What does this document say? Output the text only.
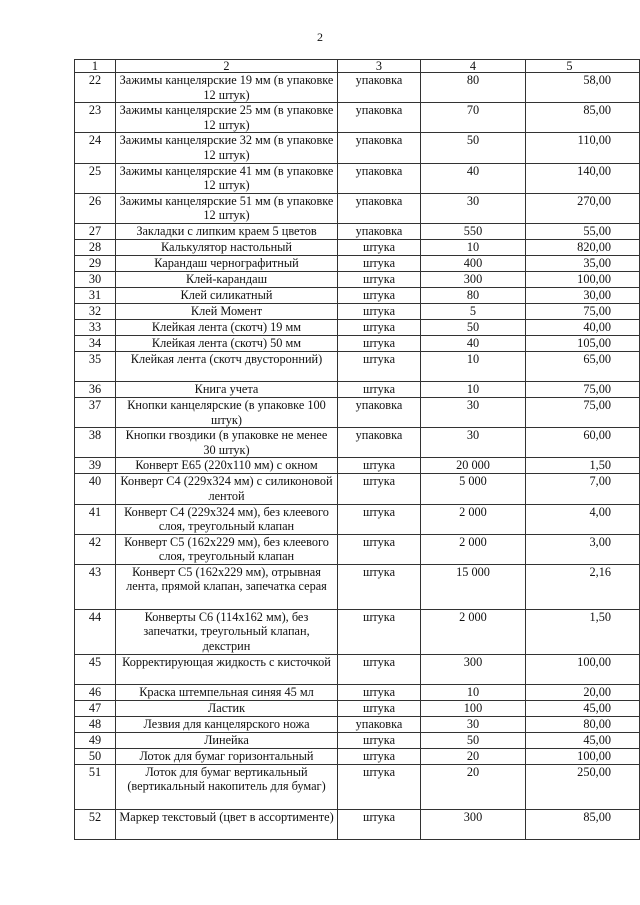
2
1	2	3	4	5
22	Зажимы канцелярские 19 мм (в упаковке 12 штук)	упаковка	80	58,00
23	Зажимы канцелярские 25 мм (в упаковке 12 штук)	упаковка	70	85,00
24	Зажимы канцелярские 32 мм (в упаковке 12 штук)	упаковка	50	110,00
25	Зажимы канцелярские 41 мм (в упаковке 12 штук)	упаковка	40	140,00
26	Зажимы канцелярские 51 мм (в упаковке 12 штук)	упаковка	30	270,00
27	Закладки с липким краем 5 цветов	упаковка	550	55,00
28	Калькулятор настольный	штука	10	820,00
29	Карандаш чернографитный	штука	400	35,00
30	Клей-карандаш	штука	300	100,00
31	Клей силикатный	штука	80	30,00
32	Клей Момент	штука	5	75,00
33	Клейкая лента (скотч) 19 мм	штука	50	40,00
34	Клейкая лента (скотч) 50 мм	штука	40	105,00
35	Клейкая лента (скотч двусторонний)	штука	10	65,00
36	Книга учета	штука	10	75,00
37	Кнопки канцелярские (в упаковке 100 штук)	упаковка	30	75,00
38	Кнопки гвоздики (в упаковке не менее 30 штук)	упаковка	30	60,00
39	Конверт Е65 (220х110 мм) с окном	штука	20 000	1,50
40	Конверт С4 (229х324 мм) с силиконовой лентой	штука	5 000	7,00
41	Конверт С4 (229х324 мм), без клеевого слоя, треугольный клапан	штука	2 000	4,00
42	Конверт С5 (162х229 мм), без клеевого слоя, треугольный клапан	штука	2 000	3,00
43	Конверт С5 (162х229 мм), отрывная лента, прямой клапан, запечатка серая	штука	15 000	2,16
44	Конверты С6 (114х162 мм), без запечатки, треугольный клапан, декстрин	штука	2 000	1,50
45	Корректирующая жидкость с кисточкой	штука	300	100,00
46	Краска штемпельная синяя 45 мл	штука	10	20,00
47	Ластик	штука	100	45,00
48	Лезвия для канцелярского ножа	упаковка	30	80,00
49	Линейка	штука	50	45,00
50	Лоток для бумаг горизонтальный	штука	20	100,00
51	Лоток для бумаг вертикальный (вертикальный накопитель для бумаг)	штука	20	250,00
52	Маркер текстовый (цвет в ассортименте)	штука	300	85,00
